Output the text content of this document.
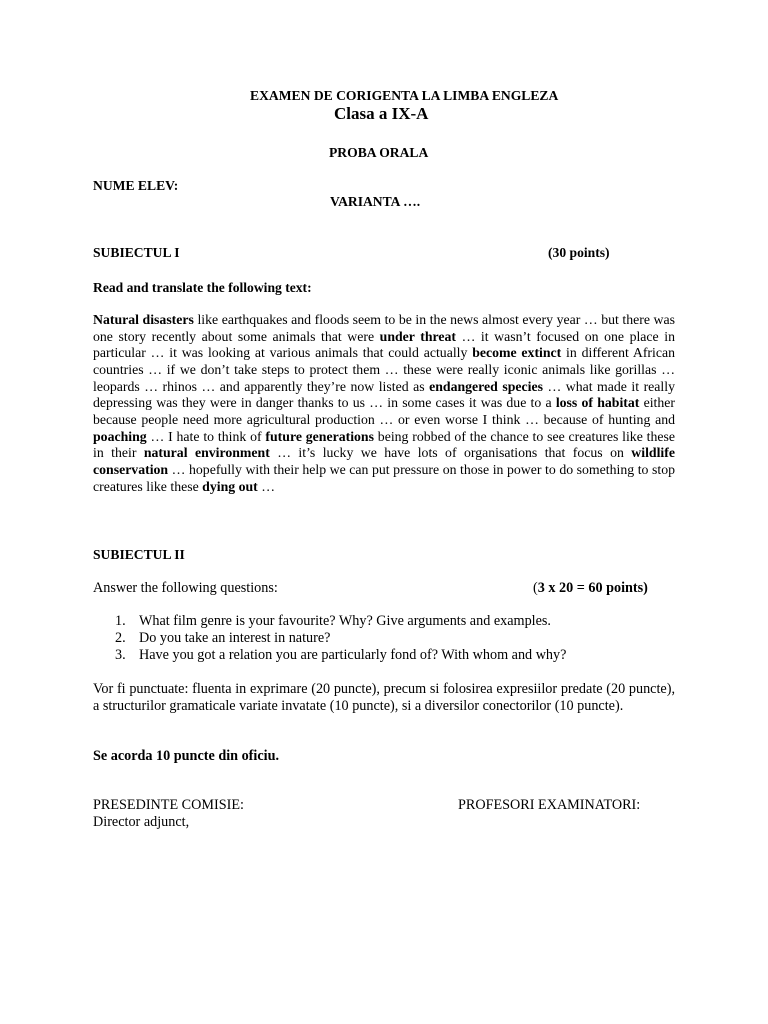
EXAMEN DE CORIGENTA LA LIMBA ENGLEZA
Clasa a IX-A
PROBA ORALA
NUME ELEV:
VARIANTA ….
SUBIECTUL I	(30 points)
Read and translate the following text:
Natural disasters like earthquakes and floods seem to be in the news almost every year … but there was one story recently about some animals that were under threat … it wasn’t focused on one place in particular … it was looking at various animals that could actually become extinct in different African countries … if we don’t take steps to protect them … these were really iconic animals like gorillas … leopards … rhinos … and apparently they’re now listed as endangered species … what made it really depressing was they were in danger thanks to us … in some cases it was due to a loss of habitat either because people need more agricultural production … or even worse I think … because of hunting and poaching … I hate to think of future generations being robbed of the chance to see creatures like these in their natural environment … it’s lucky we have lots of organisations that focus on wildlife conservation … hopefully with their help we can put pressure on those in power to do something to stop creatures like these dying out …
SUBIECTUL II
Answer the following questions:	(3 x 20 = 60 points)
1. What film genre is your favourite? Why? Give arguments and examples.
2. Do you take an interest in nature?
3. Have you got a relation you are particularly fond of? With whom and why?
Vor fi punctuate: fluenta in exprimare (20 puncte), precum si folosirea expresiilor predate (20 puncte), a structurilor gramaticale variate invatate (10 puncte), si a diversilor conectorilor (10 puncte).
Se acorda 10 puncte din oficiu.
PRESEDINTE COMISIE:
Director adjunct,
PROFESORI EXAMINATORI:
